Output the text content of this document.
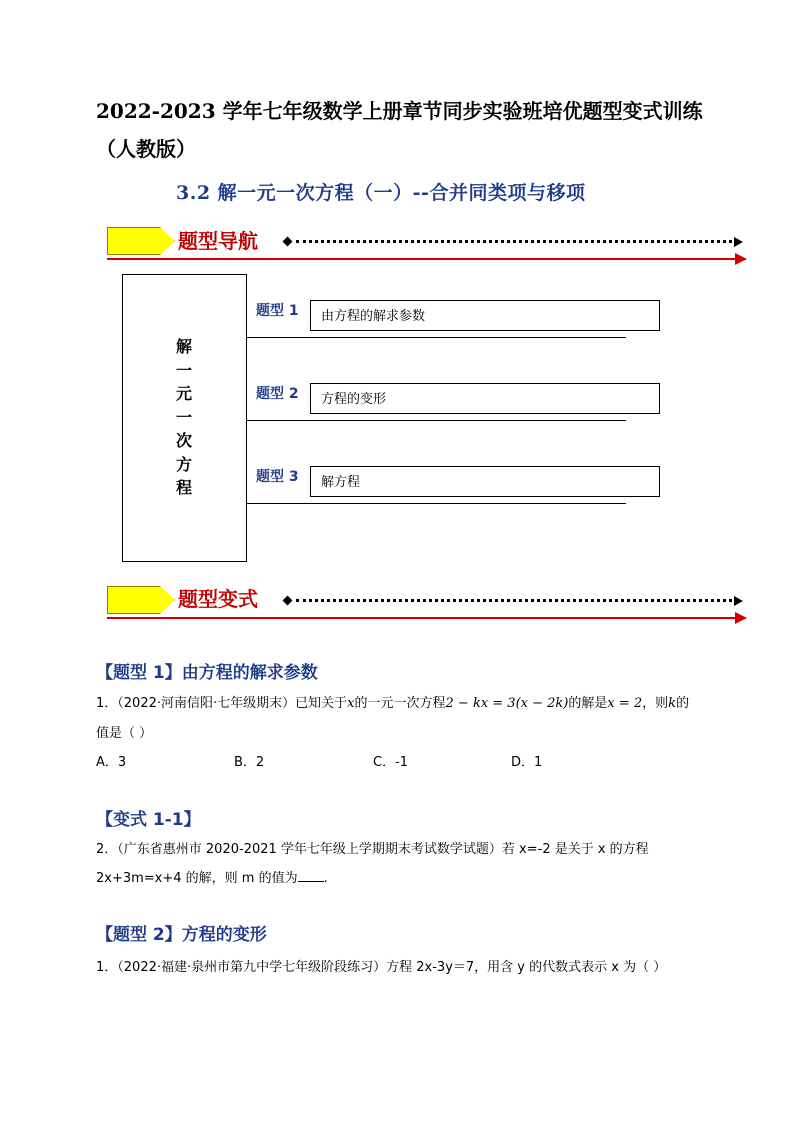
2022-2023 学年七年级数学上册章节同步实验班培优题型变式训练（人教版）
3.2 解一元一次方程（一）--合并同类项与移项
题型导航
解一元一次方程
题型 1	由方程的解求参数
题型 2	方程的变形
题型 3	解方程
题型变式
【题型 1】由方程的解求参数
1．（2022·河南信阳·七年级期末）已知关于x的一元一次方程2 − kx = 3(x − 2k)的解是x = 2，则k的
值是（ ）
A．3	B．2	C．-1	D．1
【变式 1-1】
2．（广东省惠州市 2020-2021 学年七年级上学期期末考试数学试题）若 x=-2 是关于 x 的方程
2x+3m=x+4 的解，则 m 的值为 .
【题型 2】方程的变形
1．（2022·福建·泉州市第九中学七年级阶段练习）方程 2x-3y＝7，用含 y 的代数式表示 x 为（ ）
